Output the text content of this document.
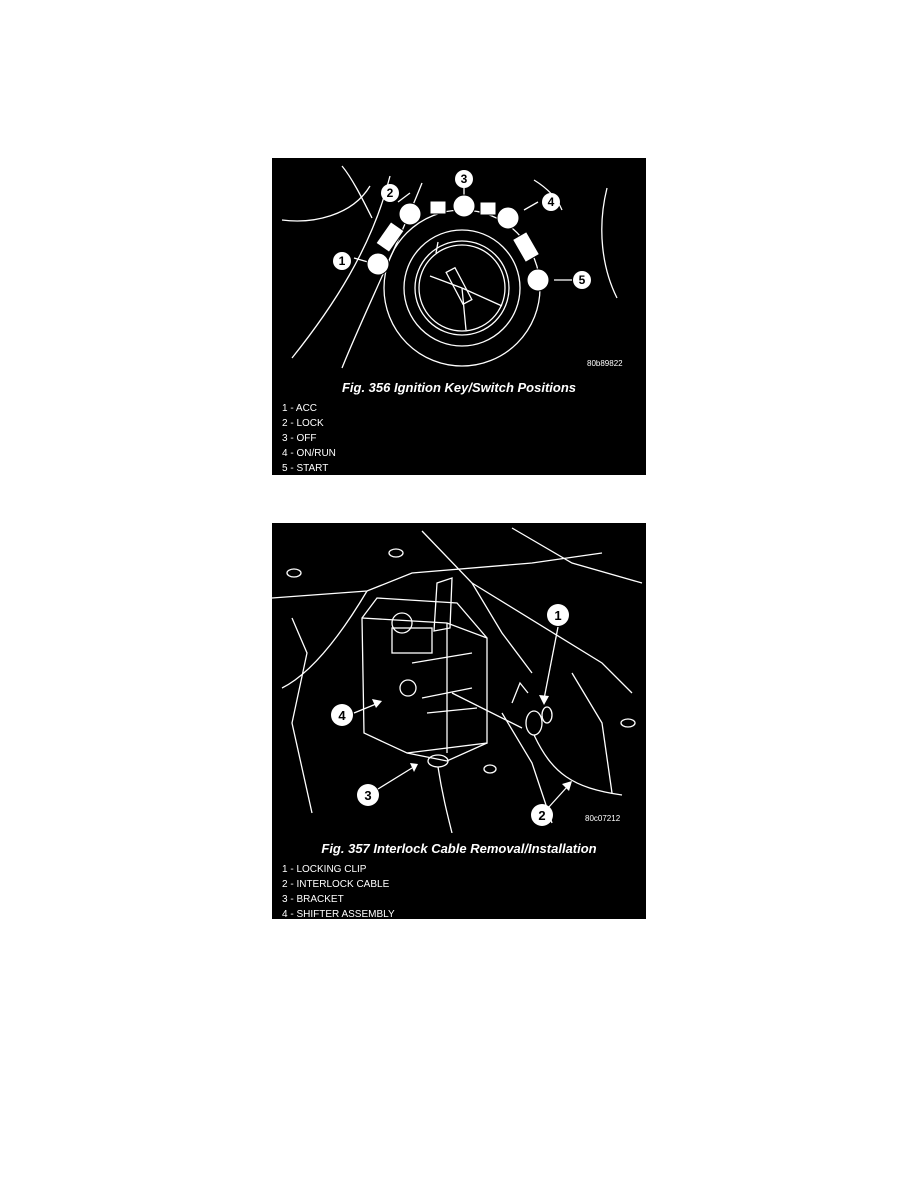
1
2
3
4
5
80b89822

Fig. 356 Ignition Key/Switch Positions

1 - ACC
2 - LOCK
3 - OFF
4 - ON/RUN
5 - START
1
4
3
2	80c07212

Fig. 357 Interlock Cable Removal/Installation

1 - LOCKING CLIP
2 - INTERLOCK CABLE
3 - BRACKET
4 - SHIFTER ASSEMBLY
